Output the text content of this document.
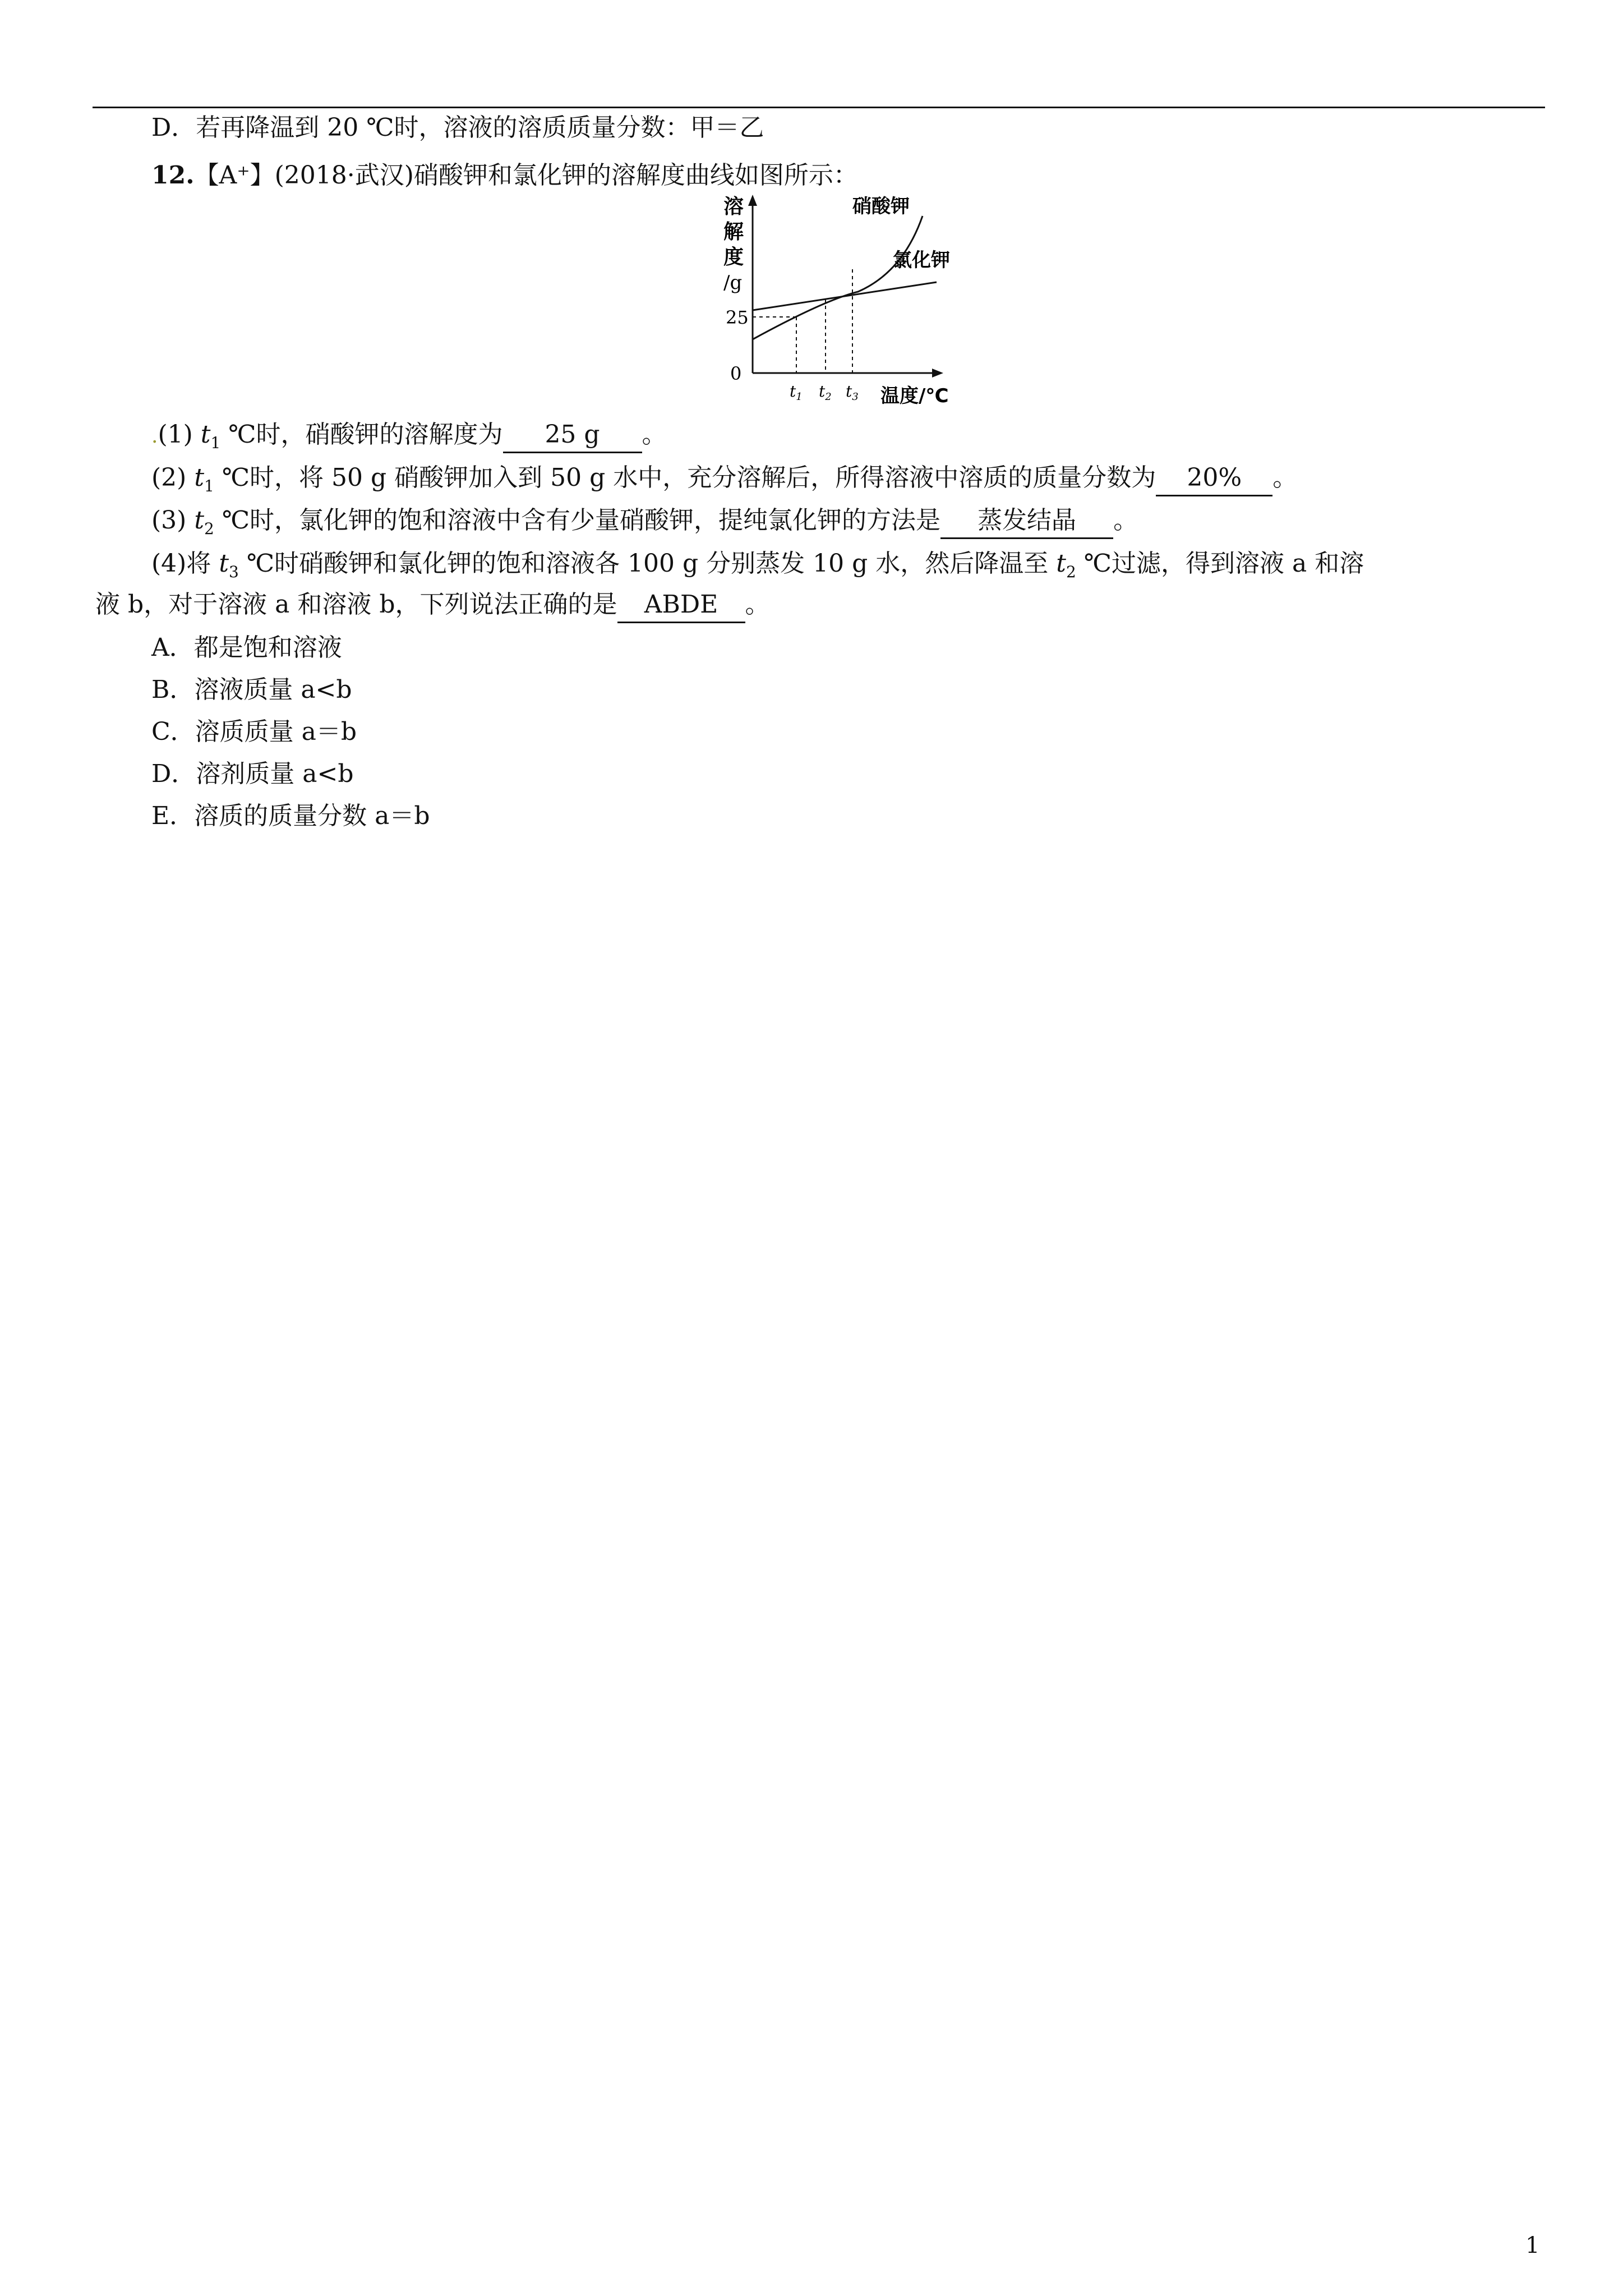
D．若再降温到 20 ℃时，溶液的溶质质量分数：甲＝乙
12.【A⁺】(2018·武汉)硝酸钾和氯化钾的溶解度曲线如图所示：
溶
解
度
/g
25
0
$t_1$ $t_2$ $t_3$ 温度/℃
硝酸钾
氯化钾
.(1) $t_1$ ℃时，硝酸钾的溶解度为 25 g 。
(2) $t_1$ ℃时，将 50 g 硝酸钾加入到 50 g 水中，充分溶解后，所得溶液中溶质的质量分数为 20% 。
(3) $t_2$ ℃时，氯化钾的饱和溶液中含有少量硝酸钾，提纯氯化钾的方法是 蒸发结晶 。
(4)将 $t_3$ ℃时硝酸钾和氯化钾的饱和溶液各 100 g 分别蒸发 10 g 水，然后降温至 $t_2$ ℃过滤，得到溶液 a 和溶
液 b，对于溶液 a 和溶液 b，下列说法正确的是 ABDE 。
A．都是饱和溶液
B．溶液质量 a<b
C．溶质质量 a＝b
D．溶剂质量 a<b
E．溶质的质量分数 a＝b
1
